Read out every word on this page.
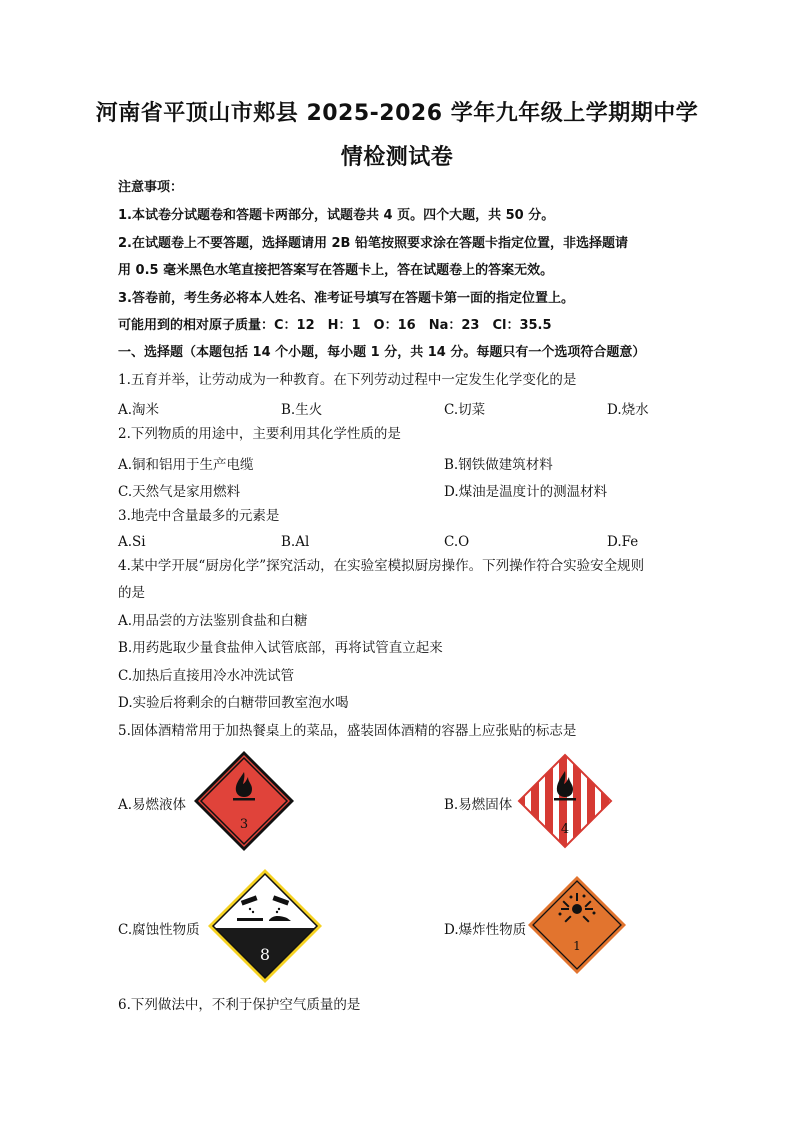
河南省平顶山市郏县 2025-2026 学年九年级上学期期中学
情检测试卷
注意事项：
1.本试卷分试题卷和答题卡两部分，试题卷共 4 页。四个大题，共 50 分。
2.在试题卷上不要答题，选择题请用 2B 铅笔按照要求涂在答题卡指定位置，非选择题请
用 0.5 毫米黑色水笔直接把答案写在答题卡上，答在试题卷上的答案无效。
3.答卷前，考生务必将本人姓名、准考证号填写在答题卡第一面的指定位置上。
可能用到的相对原子质量：C：12　H：1　O：16　Na：23　Cl：35.5
一、选择题（本题包括 14 个小题，每小题 1 分，共 14 分。每题只有一个选项符合题意）
1.五育并举，让劳动成为一种教育。在下列劳动过程中一定发生化学变化的是
A.淘米	B.生火	C.切菜	D.烧水
2.下列物质的用途中，主要利用其化学性质的是
A.铜和铝用于生产电缆	B.钢铁做建筑材料
C.天然气是家用燃料	D.煤油是温度计的测温材料
3.地壳中含量最多的元素是
A.Si	B.Al	C.O	D.Fe
4.某中学开展“厨房化学”探究活动，在实验室模拟厨房操作。下列操作符合实验安全规则
的是
A.用品尝的方法鉴别食盐和白糖
B.用药匙取少量食盐伸入试管底部，再将试管直立起来
C.加热后直接用冷水冲洗试管
D.实验后将剩余的白糖带回教室泡水喝
5.固体酒精常用于加热餐桌上的菜品，盛装固体酒精的容器上应张贴的标志是
A.易燃液体
3
B.易燃固体
4
C.腐蚀性物质
8
D.爆炸性物质
1
6.下列做法中，不利于保护空气质量的是
